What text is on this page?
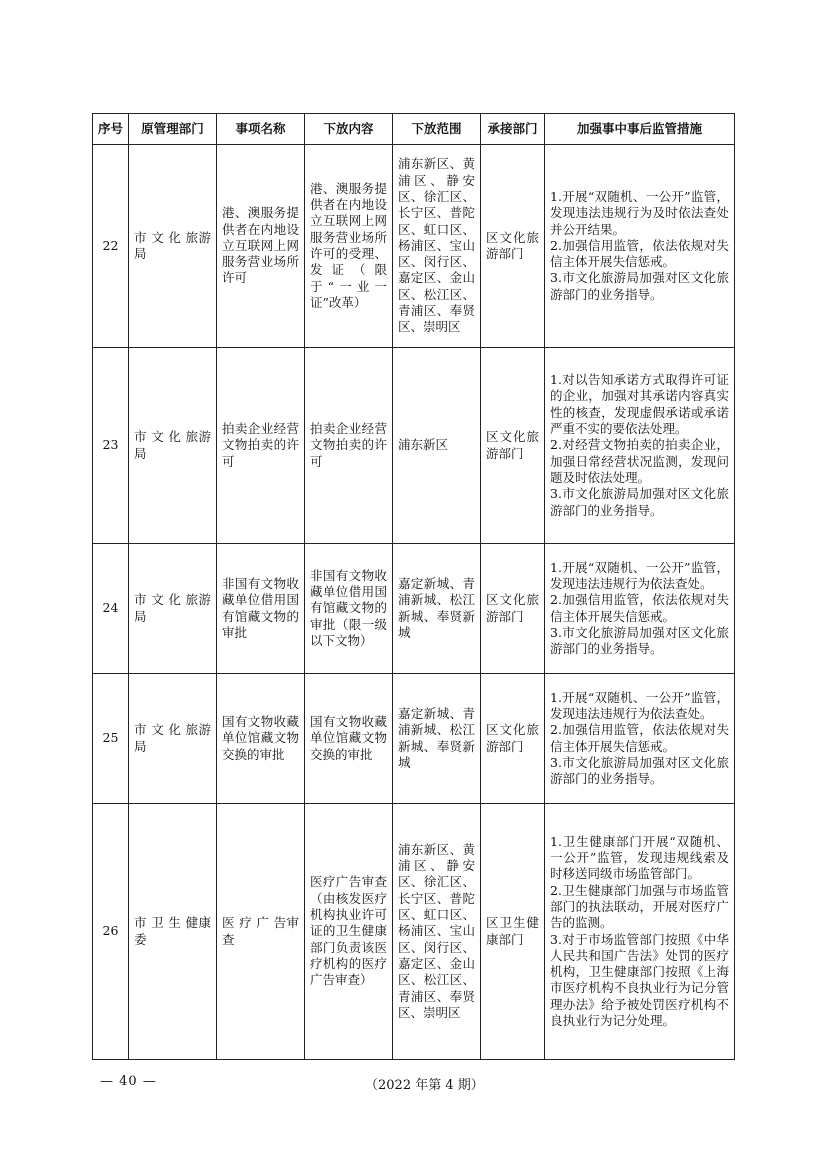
序号	原管理部门	事项名称	下放内容	下放范围	承接部门	加强事中事后监管措施
22	市 文 化 旅游局	港、澳服务提供者在内地设立互联网上网服务营业场所许可	港、澳服务提供者在内地设立互联网上网服务营业场所许可的受理、发证（限于“一业一证”改革）	浦东新区、黄浦区、静安区、徐汇区、长宁区、普陀区、虹口区、杨浦区、宝山区、闵行区、嘉定区、金山区、松江区、青浦区、奉贤区、崇明区	区文化旅游部门	1.开展“双随机、一公开”监管，发现违法违规行为及时依法查处并公开结果。
2.加强信用监管，依法依规对失信主体开展失信惩戒。
3.市文化旅游局加强对区文化旅游部门的业务指导。
23	市 文 化 旅游局	拍卖企业经营文物拍卖的许可	拍卖企业经营文物拍卖的许可	浦东新区	区文化旅游部门	1.对以告知承诺方式取得许可证的企业，加强对其承诺内容真实性的核查，发现虚假承诺或承诺严重不实的要依法处理。
2.对经营文物拍卖的拍卖企业，加强日常经营状况监测，发现问题及时依法处理。
3.市文化旅游局加强对区文化旅游部门的业务指导。
24	市 文 化 旅游局	非国有文物收藏单位借用国有馆藏文物的审批	非国有文物收藏单位借用国有馆藏文物的审批（限一级以下文物）	嘉定新城、青浦新城、松江新城、奉贤新城	区文化旅游部门	1.开展“双随机、一公开”监管，发现违法违规行为依法查处。
2.加强信用监管，依法依规对失信主体开展失信惩戒。
3.市文化旅游局加强对区文化旅游部门的业务指导。
25	市 文 化 旅游局	国有文物收藏单位馆藏文物交换的审批	国有文物收藏单位馆藏文物交换的审批	嘉定新城、青浦新城、松江新城、奉贤新城	区文化旅游部门	1.开展“双随机、一公开”监管，发现违法违规行为依法查处。
2.加强信用监管，依法依规对失信主体开展失信惩戒。
3.市文化旅游局加强对区文化旅游部门的业务指导。
26	市 卫 生 健康委	医 疗 广 告审查	医疗广告审查（由核发医疗机构执业许可证的卫生健康部门负责该医疗机构的医疗广告审查）	浦东新区、黄浦区、静安区、徐汇区、长宁区、普陀区、虹口区、杨浦区、宝山区、闵行区、嘉定区、金山区、松江区、青浦区、奉贤区、崇明区	区卫生健康部门	1.卫生健康部门开展“双随机、一公开”监管，发现违规线索及时移送同级市场监管部门。
2.卫生健康部门加强与市场监管部门的执法联动，开展对医疗广告的监测。
3.对于市场监管部门按照《中华人民共和国广告法》处罚的医疗机构，卫生健康部门按照《上海市医疗机构不良执业行为记分管理办法》给予被处罚医疗机构不良执业行为记分处理。
— 40 —	（2022 年第 4 期）
